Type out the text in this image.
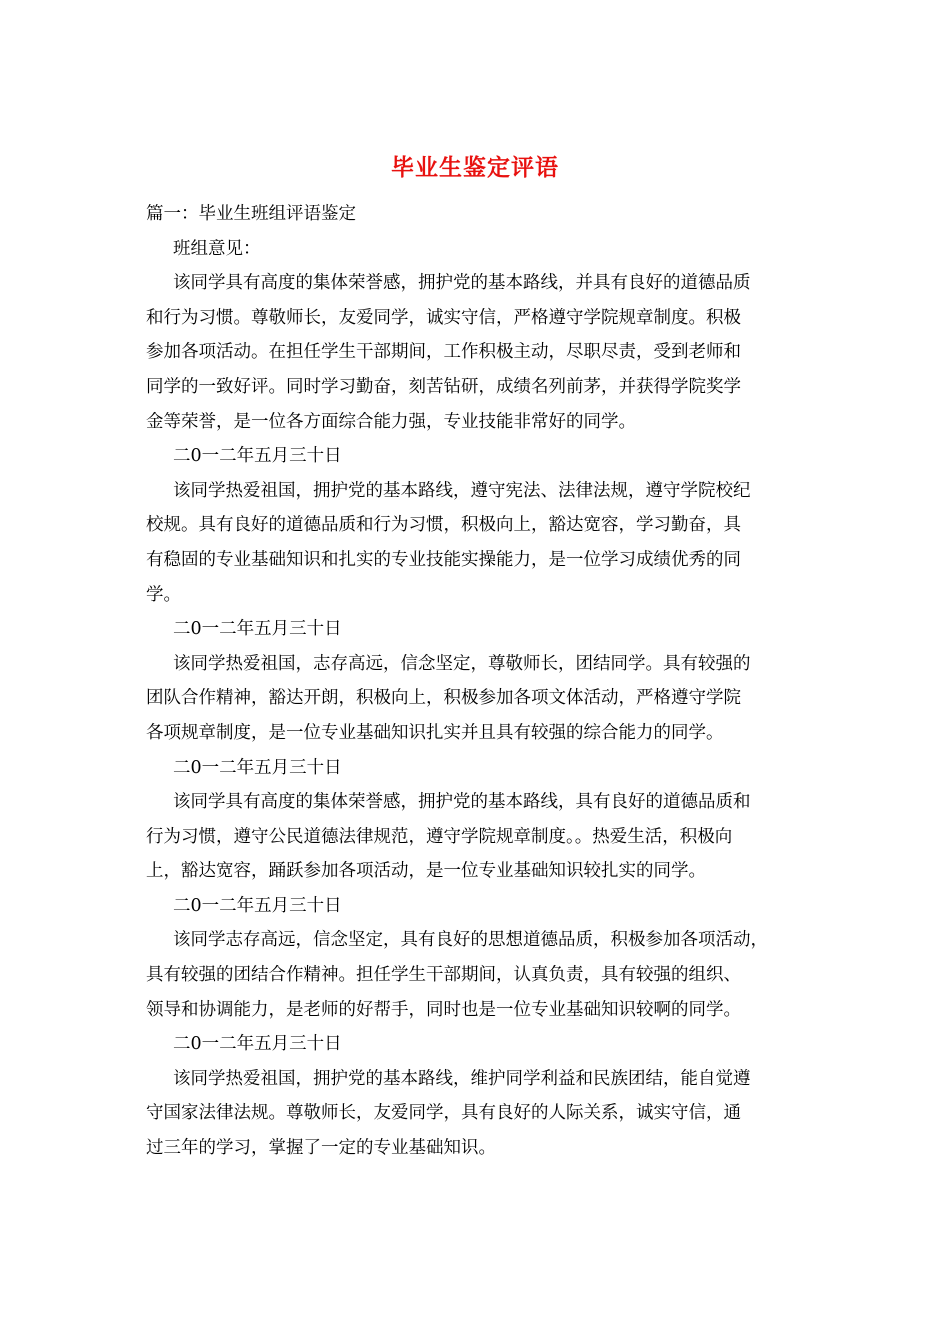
毕业生鉴定评语
篇一：毕业生班组评语鉴定
班组意见：
该同学具有高度的集体荣誉感，拥护党的基本路线，并具有良好的道德品质
和行为习惯。尊敬师长，友爱同学，诚实守信，严格遵守学院规章制度。积极
参加各项活动。在担任学生干部期间，工作积极主动，尽职尽责，受到老师和
同学的一致好评。同时学习勤奋，刻苦钻研，成绩名列前茅，并获得学院奖学
金等荣誉，是一位各方面综合能力强，专业技能非常好的同学。
二0一二年五月三十日
该同学热爱祖国，拥护党的基本路线，遵守宪法、法律法规，遵守学院校纪
校规。具有良好的道德品质和行为习惯，积极向上，豁达宽容，学习勤奋，具
有稳固的专业基础知识和扎实的专业技能实操能力，是一位学习成绩优秀的同
学。
二0一二年五月三十日
该同学热爱祖国，志存高远，信念坚定，尊敬师长，团结同学。具有较强的
团队合作精神，豁达开朗，积极向上，积极参加各项文体活动，严格遵守学院
各项规章制度，是一位专业基础知识扎实并且具有较强的综合能力的同学。
二0一二年五月三十日
该同学具有高度的集体荣誉感，拥护党的基本路线，具有良好的道德品质和
行为习惯，遵守公民道德法律规范，遵守学院规章制度。。热爱生活，积极向
上，豁达宽容，踊跃参加各项活动，是一位专业基础知识较扎实的同学。
二0一二年五月三十日
该同学志存高远，信念坚定，具有良好的思想道德品质，积极参加各项活动，
具有较强的团结合作精神。担任学生干部期间，认真负责，具有较强的组织、
领导和协调能力，是老师的好帮手，同时也是一位专业基础知识较啊的同学。
二0一二年五月三十日
该同学热爱祖国，拥护党的基本路线，维护同学利益和民族团结，能自觉遵
守国家法律法规。尊敬师长，友爱同学，具有良好的人际关系，诚实守信，通
过三年的学习，掌握了一定的专业基础知识。
